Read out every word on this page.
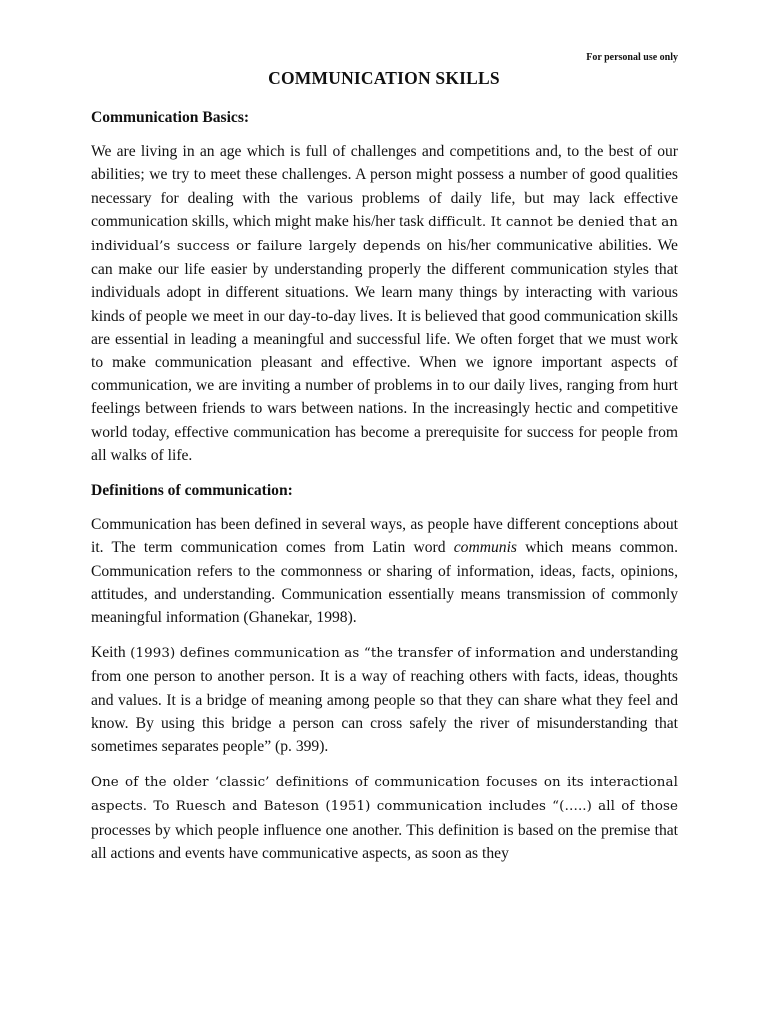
For personal use only
COMMUNICATION SKILLS
Communication Basics:

We are living in an age which is full of challenges and competitions and, to the best of our abilities; we try to meet these challenges. A person might possess a number of good qualities necessary for dealing with the various problems of daily life, but may lack effective communication skills, which might make his/her task difficult. It cannot be denied that an individual’s success or failure largely depends on his/her communicative abilities. We can make our life easier by understanding properly the different communication styles that individuals adopt in different situations. We learn many things by interacting with various kinds of people we meet in our day-to-day lives. It is believed that good communication skills are essential in leading a meaningful and successful life. We often forget that we must work to make communication pleasant and effective. When we ignore important aspects of communication, we are inviting a number of problems in to our daily lives, ranging from hurt feelings between friends to wars between nations. In the increasingly hectic and competitive world today, effective communication has become a prerequisite for success for people from all walks of life.

Definitions of communication:

Communication has been defined in several ways, as people have different conceptions about it. The term communication comes from Latin word communis which means common. Communication refers to the commonness or sharing of information, ideas, facts, opinions, attitudes, and understanding. Communication essentially means transmission of commonly meaningful information (Ghanekar, 1998).

Keith (1993) defines communication as “the transfer of information and understanding from one person to another person. It is a way of reaching others with facts, ideas, thoughts and values. It is a bridge of meaning among people so that they can share what they feel and know. By using this bridge a person can cross safely the river of misunderstanding that sometimes separates people” (p. 399).

One of the older ‘classic’ definitions of communication focuses on its interactional aspects. To Ruesch and Bateson (1951) communication includes “(…..) all of those processes by which people influence one another. This definition is based on the premise that all actions and events have communicative aspects, as soon as they
